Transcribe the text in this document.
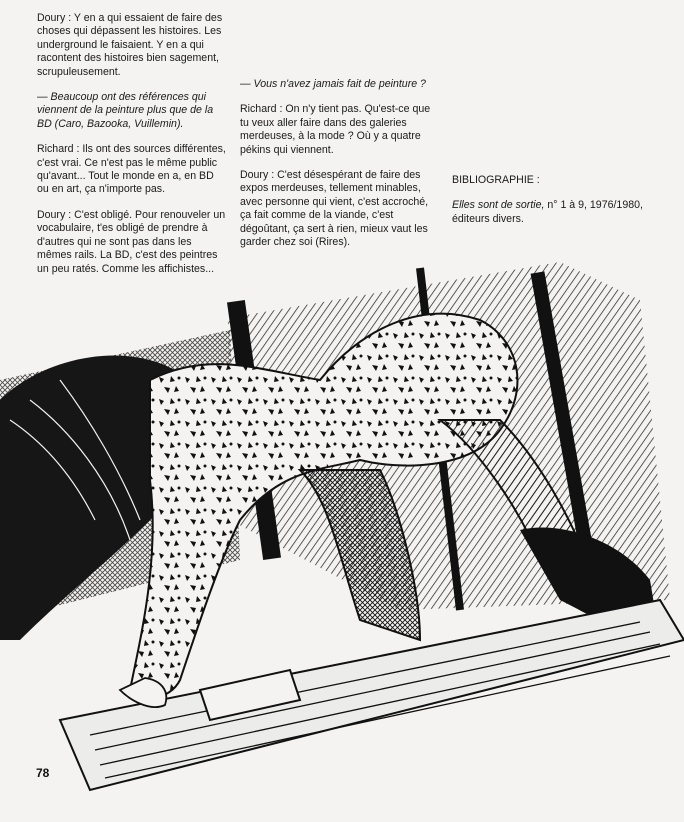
Doury : Y en a qui essaient de faire des choses qui dépassent les histoires. Les underground le faisaient. Y en a qui racontent des histoires bien sagement, scrupuleusement.

— Beaucoup ont des références qui viennent de la peinture plus que de la BD (Caro, Bazooka, Vuillemin).

Richard : Ils ont des sources différentes, c'est vrai. Ce n'est pas le même public qu'avant... Tout le monde en a, en BD ou en art, ça n'importe pas.

Doury : C'est obligé. Pour renouveler un vocabulaire, t'es obligé de prendre à d'autres qui ne sont pas dans les mêmes rails. La BD, c'est des peintres un peu ratés. Comme les affichistes...

— Vous n'avez jamais fait de peinture ?

Richard : On n'y tient pas. Qu'est-ce que tu veux aller faire dans des galeries merdeuses, à la mode ? Où y a quatre pékins qui viennent.

Doury : C'est désespérant de faire des expos merdeuses, tellement minables, avec personne qui vient, c'est accroché, ça fait comme de la viande, c'est dégoûtant, ça sert à rien, mieux vaut les garder chez soi (Rires).

BIBLIOGRAPHIE :

Elles sont de sortie, n° 1 à 9, 1976/1980, éditeurs divers.

78
